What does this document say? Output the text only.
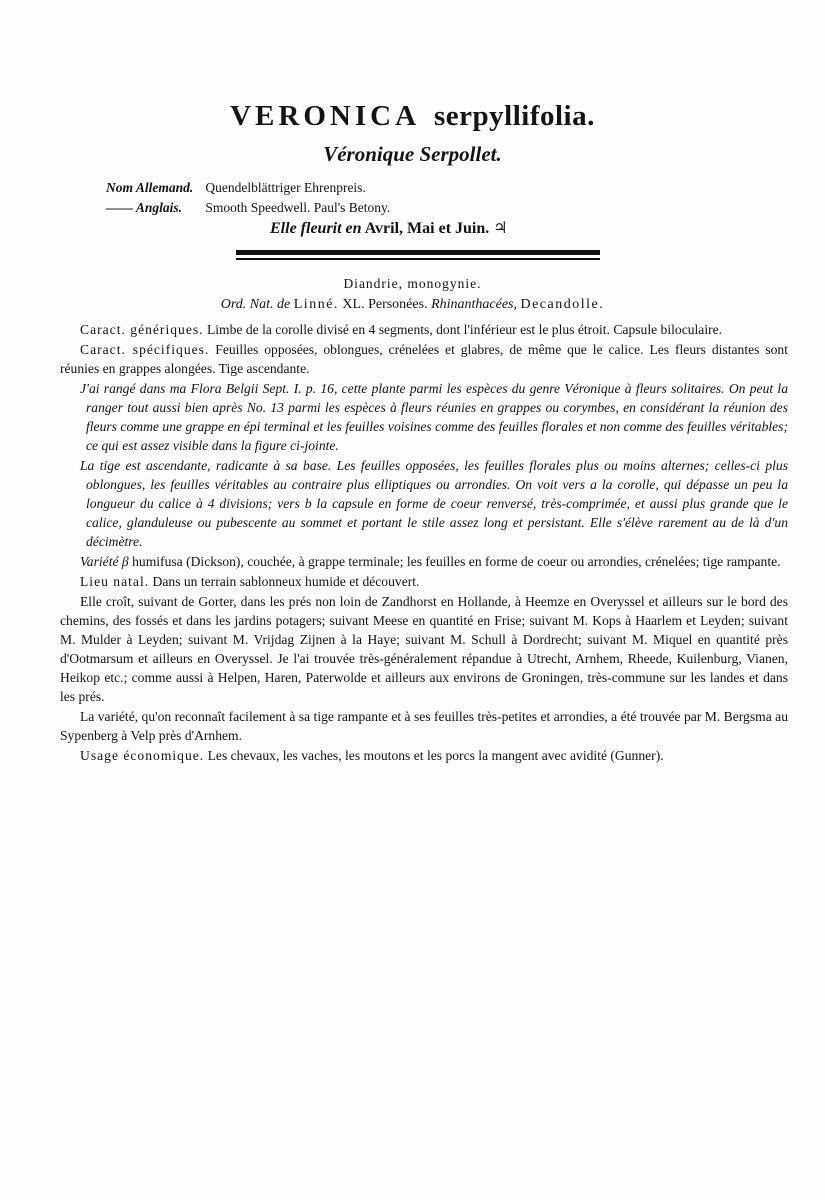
VERONICA serpyllifolia.
Véronique Serpollet.
Nom Allemand. Quendelblättriger Ehrenpreis.
—— Anglais. Smooth Speedwell. Paul's Betony.
Elle fleurit en Avril, Mai et Juin. ♃
Diandrie, monogynie.
Ord. Nat. de Linné. XL. Personées. Rhinanthacées, Decandolle.

Caract. génériques. Limbe de la corolle divisé en 4 segments, dont l'inférieur est le plus étroit. Capsule biloculaire.

Caract. spécifiques. Feuilles opposées, oblongues, crénelées et glabres, de même que le calice. Les fleurs distantes sont réunies en grappes alongées. Tige ascendante.

J'ai rangé dans ma Flora Belgii Sept. I. p. 16, cette plante parmi les espèces du genre Véronique à fleurs solitaires. On peut la ranger tout aussi bien après No. 13 parmi les espèces à fleurs réunies en grappes ou corymbes, en considérant la réunion des fleurs comme une grappe en épi terminal et les feuilles voisines comme des feuilles florales et non comme des feuilles véritables; ce qui est assez visible dans la figure ci-jointe.

La tige est ascendante, radicante à sa base. Les feuilles opposées, les feuilles florales plus ou moins alternes; celles-ci plus oblongues, les feuilles véritables au contraire plus elliptiques ou arrondies. On voit vers a la corolle, qui dépasse un peu la longueur du calice à 4 divisions; vers b la capsule en forme de coeur renversé, très-comprimée, et aussi plus grande que le calice, glanduleuse ou pubescente au sommet et portant le stile assez long et persistant. Elle s'élève rarement au de là d'un décimètre.

Variété β humifusa (Dickson), couchée, à grappe terminale; les feuilles en forme de coeur ou arrondies, crénelées; tige rampante.

Lieu natal. Dans un terrain sablonneux humide et découvert.

Elle croît, suivant de Gorter, dans les prés non loin de Zandhorst en Hollande, à Heemze en Overyssel et ailleurs sur le bord des chemins, des fossés et dans les jardins potagers; suivant Meese en quantité en Frise; suivant M. Kops à Haarlem et Leyden; suivant M. Mulder à Leyden; suivant M. Vrijdag Zijnen à la Haye; suivant M. Schull à Dordrecht; suivant M. Miquel en quantité près d'Ootmarsum et ailleurs en Overyssel. Je l'ai trouvée très-généralement répandue à Utrecht, Arnhem, Rheede, Kuilenburg, Vianen, Heikop etc.; comme aussi à Helpen, Haren, Paterwolde et ailleurs aux environs de Groningen, très-commune sur les landes et dans les prés.

La variété, qu'on reconnaît facilement à sa tige rampante et à ses feuilles très-petites et arrondies, a été trouvée par M. Bergsma au Sypenberg à Velp près d'Arnhem.

Usage économique. Les chevaux, les vaches, les moutons et les porcs la mangent avec avidité (Gunner).
